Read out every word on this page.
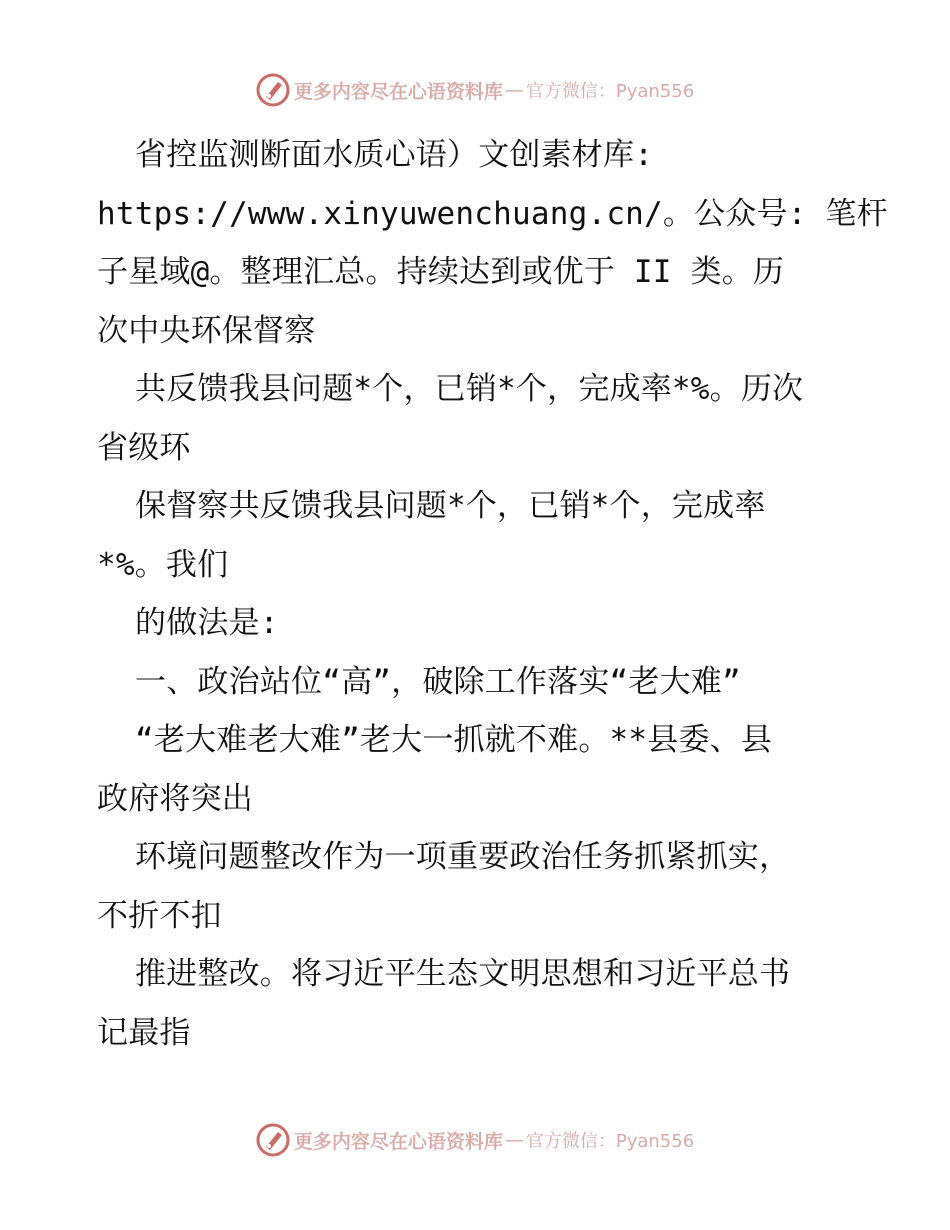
更多内容尽在心语资料库 — 官方微信：Pyan556
省控监测断面水质心语）文创素材库:
https://www.xinyuwenchuang.cn/。公众号: 笔杆
子星域@。整理汇总。持续达到或优于 II 类。历
次中央环保督察
共反馈我县问题*个，已销*个，完成率*%。历次
省级环
保督察共反馈我县问题*个，已销*个，完成率
*%。我们
的做法是:
一、政治站位“高”，破除工作落实“老大难”
“老大难老大难”老大一抓就不难。**县委、县
政府将突出
环境问题整改作为一项重要政治任务抓紧抓实，
不折不扣
推进整改。将习近平生态文明思想和习近平总书
记最指
更多内容尽在心语资料库 — 官方微信：Pyan556
